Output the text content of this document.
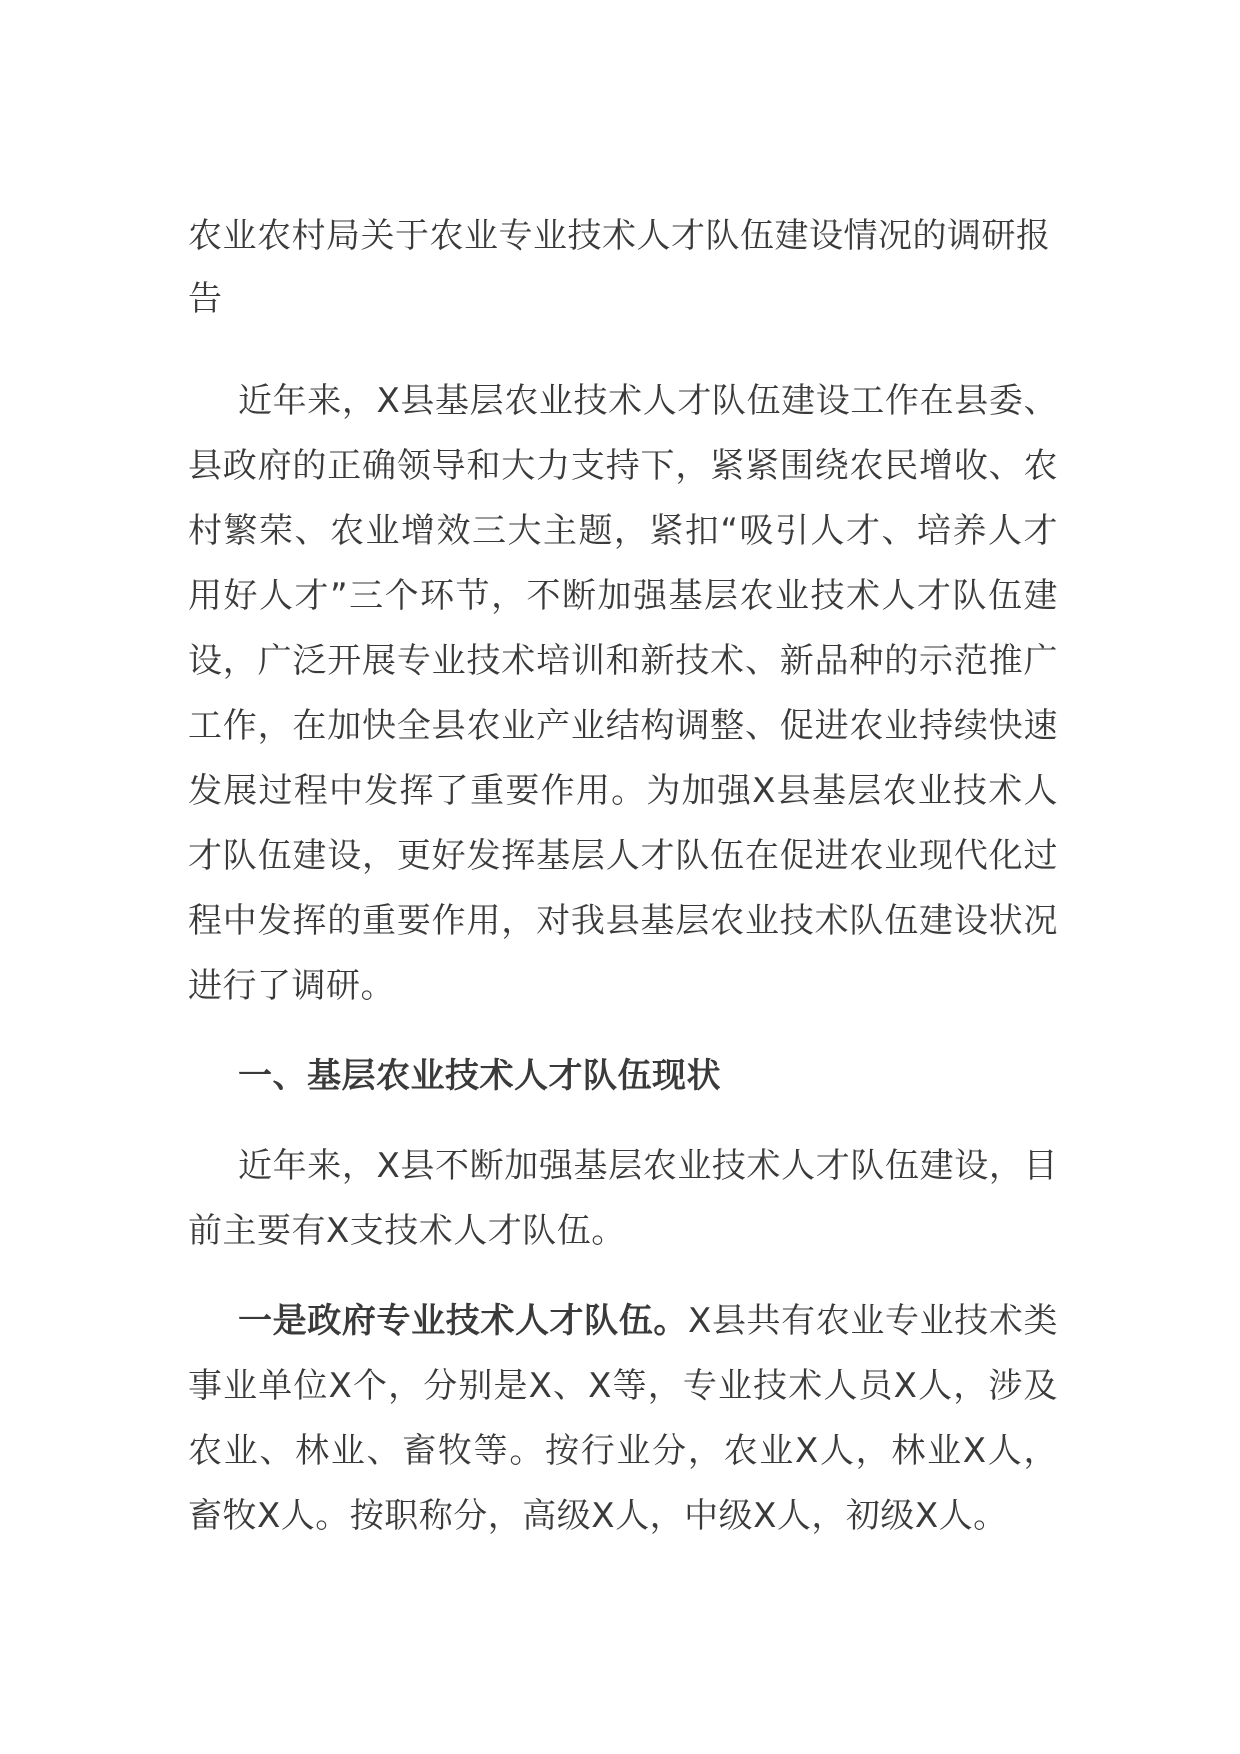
农业农村局关于农业专业技术人才队伍建设情况的调研报告

近年来，X县基层农业技术人才队伍建设工作在县委、县政府的正确领导和大力支持下，紧紧围绕农民增收、农村繁荣、农业增效三大主题，紧扣“吸引人才、培养人才用好人才”三个环节，不断加强基层农业技术人才队伍建设，广泛开展专业技术培训和新技术、新品种的示范推广工作，在加快全县农业产业结构调整、促进农业持续快速发展过程中发挥了重要作用。为加强X县基层农业技术人才队伍建设，更好发挥基层人才队伍在促进农业现代化过程中发挥的重要作用，对我县基层农业技术队伍建设状况进行了调研。

一、基层农业技术人才队伍现状

近年来，X县不断加强基层农业技术人才队伍建设，目前主要有X支技术人才队伍。

一是政府专业技术人才队伍。X县共有农业专业技术类事业单位X个，分别是X、X等，专业技术人员X人，涉及农业、林业、畜牧等。按行业分，农业X人，林业X人，畜牧X人。按职称分，高级X人，中级X人，初级X人。
